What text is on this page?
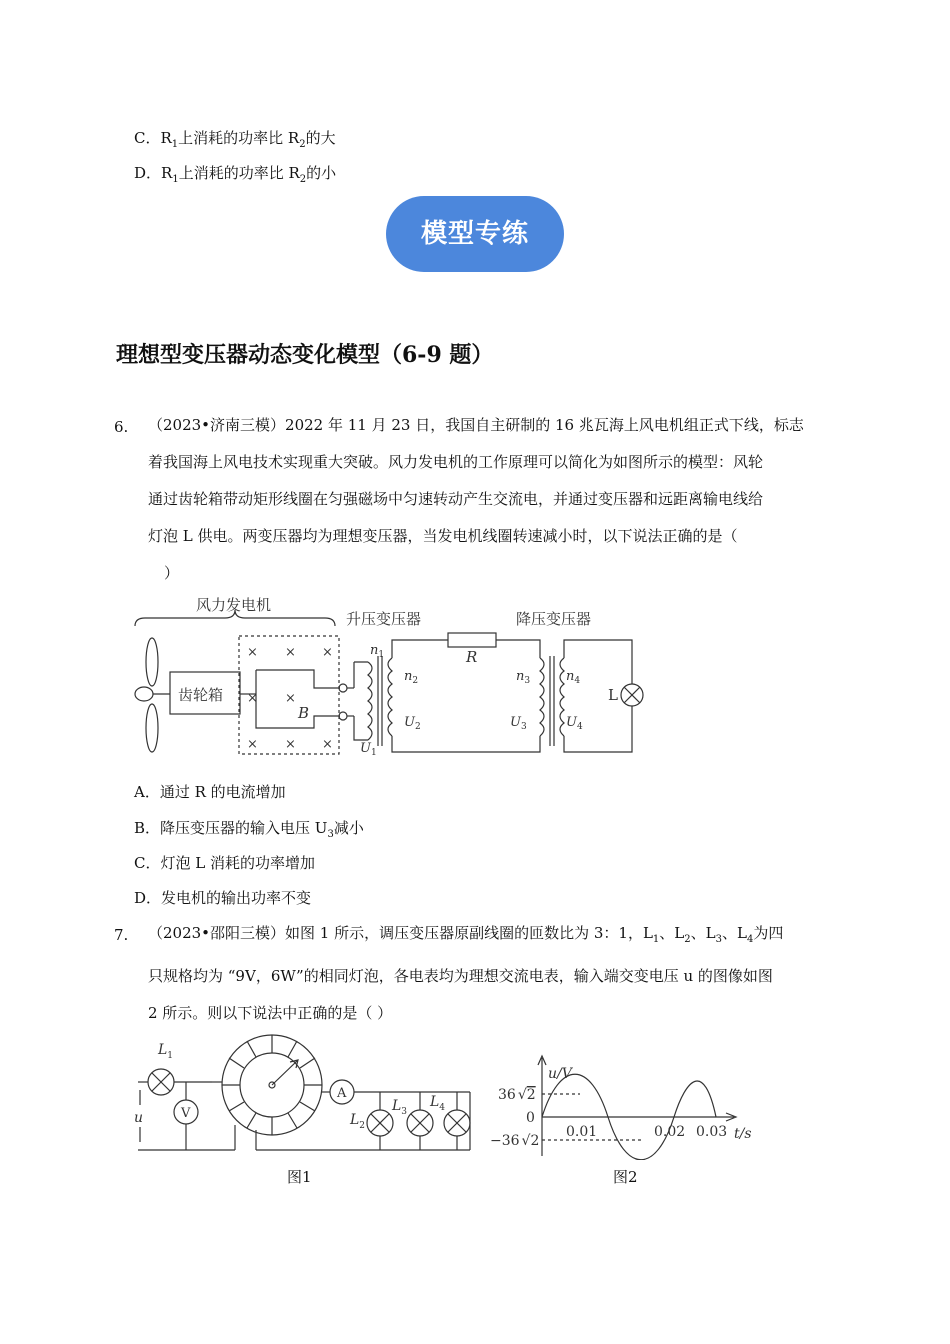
C．$R_1$上消耗的功率比 $R_2$的大
D．$R_1$上消耗的功率比 $R_2$的小
模型专练
理想型变压器动态变化模型（6-9 题）
6. （2023•济南三模）2022 年 11 月 23 日，我国自主研制的 16 兆瓦海上风电机组正式下线，标志

着我国海上风电技术实现重大突破。风力发电机的工作原理可以简化为如图所示的模型：风轮

通过齿轮箱带动矩形线圈在匀强磁场中匀速转动产生交流电，并通过变压器和远距离输电线给

灯泡 L 供电。两变压器均为理想变压器，当发电机线圈转速减小时，以下说法正确的是（

）

风力发电机
升压变压器	降压变压器
齿轮箱
B
R
L
× × ×
× ×
× × ×
$n_1$
$n_2$
$U_2$
$U_1$
$n_3$
$U_3$
$n_4$
$U_4$
A．通过 R 的电流增加
B．降压变压器的输入电压 $U_3$减小
C．灯泡 L 消耗的功率增加
D．发电机的输出功率不变
7. （2023•邵阳三模）如图 1 所示，调压变压器原副线圈的匝数比为 3：1，$L_1$、$L_2$、$L_3$、$L_4$为四

只规格均为 “9V，6W”的相同灯泡，各电表均为理想交流电表，输入端交变电压 u 的图像如图

2 所示。则以下说法中正确的是（ ）

$L_1$
u	V
A
$L_2$
$L_3$
$L_4$
图1
u/V
t/s
36 √2
0
−36 √2
0.01	0.02 0.03
图2
